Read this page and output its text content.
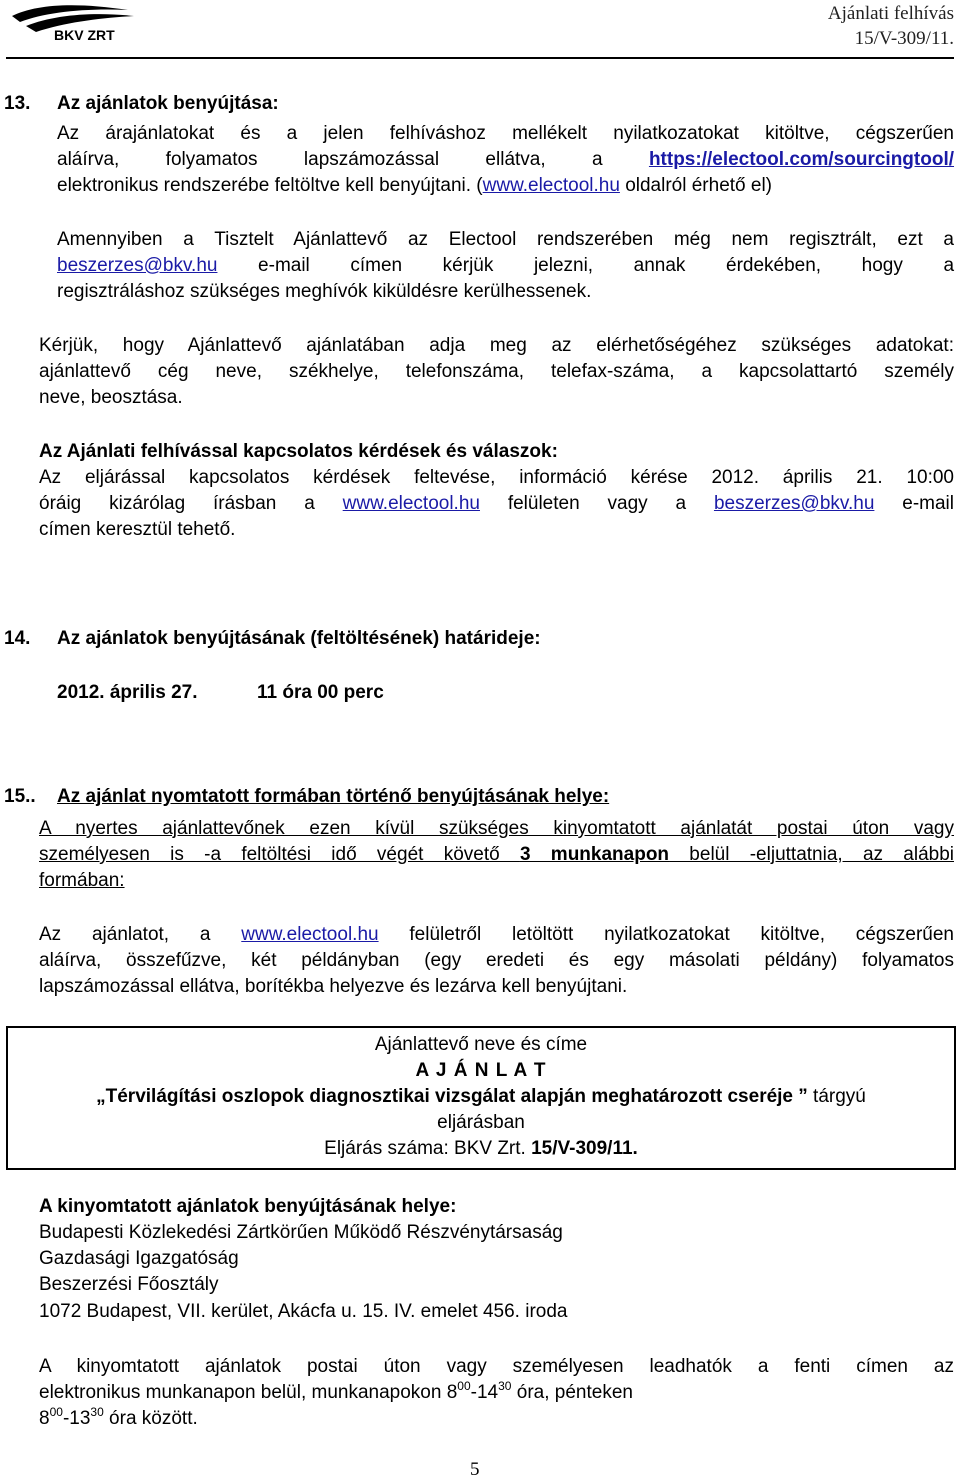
BKV ZRT
Ajánlati felhívás
15/V-309/11.
13. Az ajánlatok benyújtása:
Az árajánlatokat és a jelen felhíváshoz mellékelt nyilatkozatokat kitöltve, cégszerűen
aláírva, folyamatos lapszámozással ellátva, a https://electool.com/sourcingtool/
elektronikus rendszerébe feltöltve kell benyújtani. (www.electool.hu oldalról érhető el)
Amennyiben a Tisztelt Ajánlattevő az Electool rendszerében még nem regisztrált, ezt a
beszerzes@bkv.hu e-mail címen kérjük jelezni, annak érdekében, hogy a
regisztráláshoz szükséges meghívók kiküldésre kerülhessenek.
Kérjük, hogy Ajánlattevő ajánlatában adja meg az elérhetőségéhez szükséges adatokat:
ajánlattevő cég neve, székhelye, telefonszáma, telefax-száma, a kapcsolattartó személy
neve, beosztása.
Az Ajánlati felhívással kapcsolatos kérdések és válaszok:
Az eljárással kapcsolatos kérdések feltevése, információ kérése 2012. április 21. 10:00
óráig kizárólag írásban a www.electool.hu felületen vagy a beszerzes@bkv.hu e-mail
címen keresztül tehető.
14. Az ajánlatok benyújtásának (feltöltésének) határideje:
2012. április 27.	11 óra 00 perc
15.. Az ajánlat nyomtatott formában történő benyújtásának helye:
A nyertes ajánlattevőnek ezen kívül szükséges kinyomtatott ajánlatát postai úton vagy
személyesen is -a feltöltési idő végét követő 3 munkanapon belül -eljuttatnia, az alábbi
formában:
Az ajánlatot, a www.electool.hu felületről letöltött nyilatkozatokat kitöltve, cégszerűen
aláírva, összefűzve, két példányban (egy eredeti és egy másolati példány) folyamatos
lapszámozással ellátva, borítékba helyezve és lezárva kell benyújtani.
Ajánlattevő neve és címe
A J Á N L A T
„Térvilágítási oszlopok diagnosztikai vizsgálat alapján meghatározott cseréje ” tárgyú
eljárásban
Eljárás száma: BKV Zrt. 15/V-309/11.
A kinyomtatott ajánlatok benyújtásának helye:
Budapesti Közlekedési Zártkörűen Működő Részvénytársaság
Gazdasági Igazgatóság
Beszerzési Főosztály
1072 Budapest, VII. kerület, Akácfa u. 15. IV. emelet 456. iroda
A kinyomtatott ajánlatok postai úton vagy személyesen leadhatók a fenti címen az
elektronikus munkanapon belül, munkanapokon $8^{00}-14^{30}$ óra, pénteken
$8^{00}-13^{30}$ óra között.
5
